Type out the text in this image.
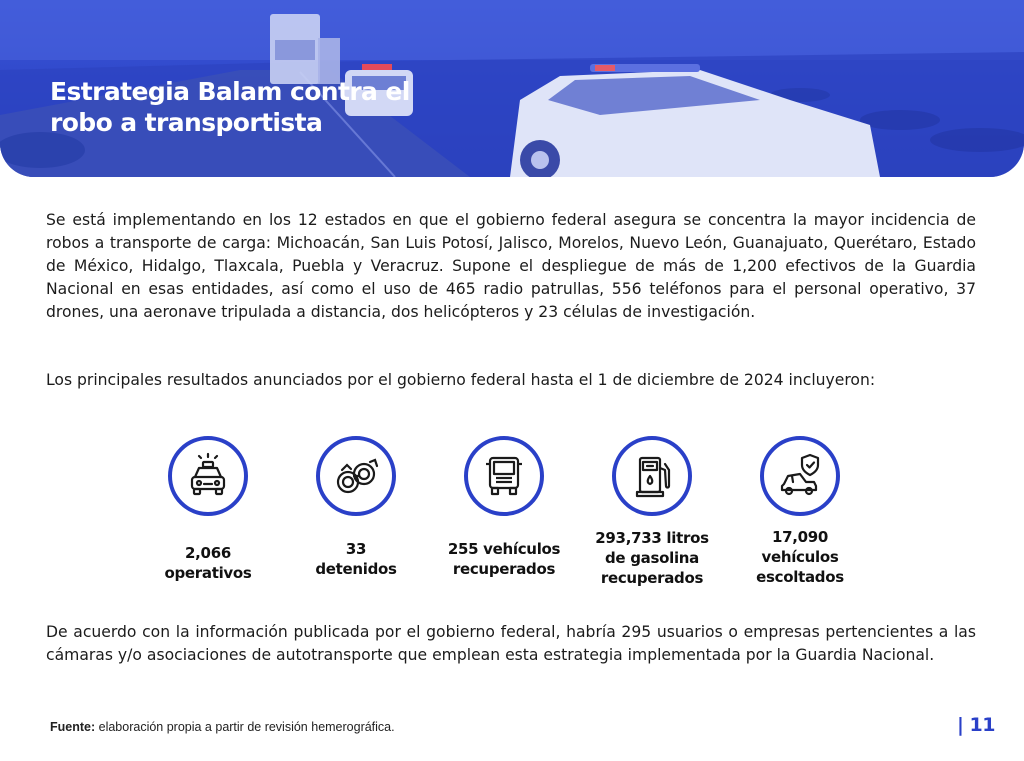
Estrategia Balam contra el
robo a transportista

Se está implementando en los 12 estados en que el gobierno federal asegura se concentra la mayor incidencia de robos a transporte de carga: Michoacán, San Luis Potosí, Jalisco, Morelos, Nuevo León, Guanajuato, Querétaro, Estado de México, Hidalgo, Tlaxcala, Puebla y Veracruz. Supone el despliegue de más de 1,200 efectivos de la Guardia Nacional en esas entidades, así como el uso de 465 radio patrullas, 556 teléfonos para el personal operativo, 37 drones, una aeronave tripulada a distancia, dos helicópteros y 23 células de investigación.

Los principales resultados anunciados por el gobierno federal hasta el 1 de diciembre de 2024 incluyeron:

2,066
operativos

33
detenidos

255 vehículos
recuperados

293,733 litros
de gasolina
recuperados

17,090
vehículos
escoltados

De acuerdo con la información publicada por el gobierno federal, habría 295 usuarios o empresas pertencientes a las cámaras y/o asociaciones de autotransporte que emplean esta estrategia implementada por la Guardia Nacional.

Fuente: elaboración propia a partir de revisión hemerográfica.	| 11
